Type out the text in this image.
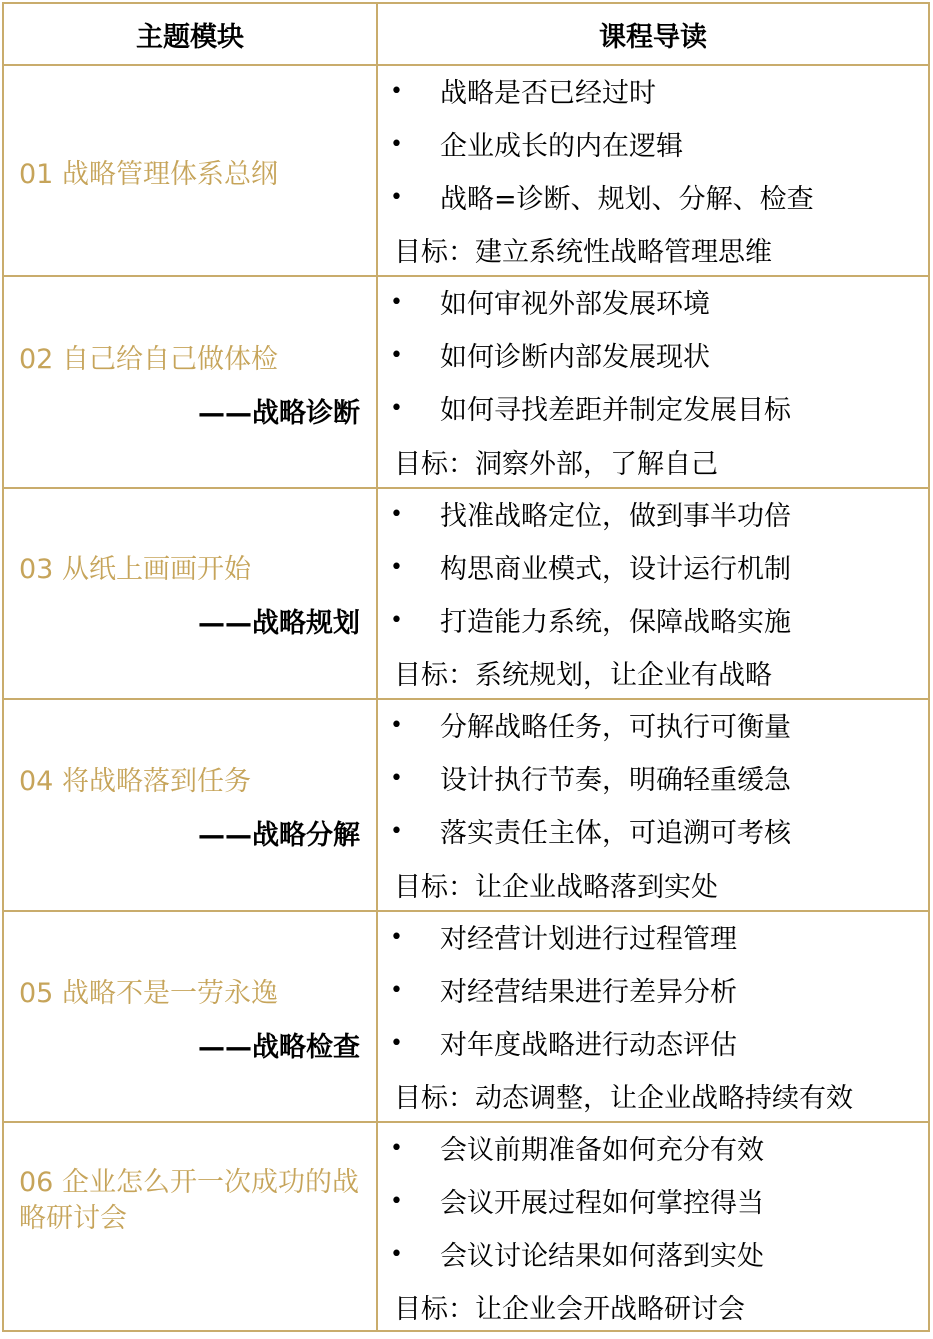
主题模块	课程导读
01 战略管理体系总纲
• 战略是否已经过时
• 企业成长的内在逻辑
• 战略=诊断、规划、分解、检查
目标：建立系统性战略管理思维
02 自己给自己做体检
——战略诊断
• 如何审视外部发展环境
• 如何诊断内部发展现状
• 如何寻找差距并制定发展目标
目标：洞察外部，了解自己
03 从纸上画画开始
——战略规划
• 找准战略定位，做到事半功倍
• 构思商业模式，设计运行机制
• 打造能力系统，保障战略实施
目标：系统规划，让企业有战略
04 将战略落到任务
——战略分解
• 分解战略任务，可执行可衡量
• 设计执行节奏，明确轻重缓急
• 落实责任主体，可追溯可考核
目标：让企业战略落到实处
05 战略不是一劳永逸
——战略检查
• 对经营计划进行过程管理
• 对经营结果进行差异分析
• 对年度战略进行动态评估
目标：动态调整，让企业战略持续有效
06 企业怎么开一次成功的战略研讨会
• 会议前期准备如何充分有效
• 会议开展过程如何掌控得当
• 会议讨论结果如何落到实处
目标：让企业会开战略研讨会
